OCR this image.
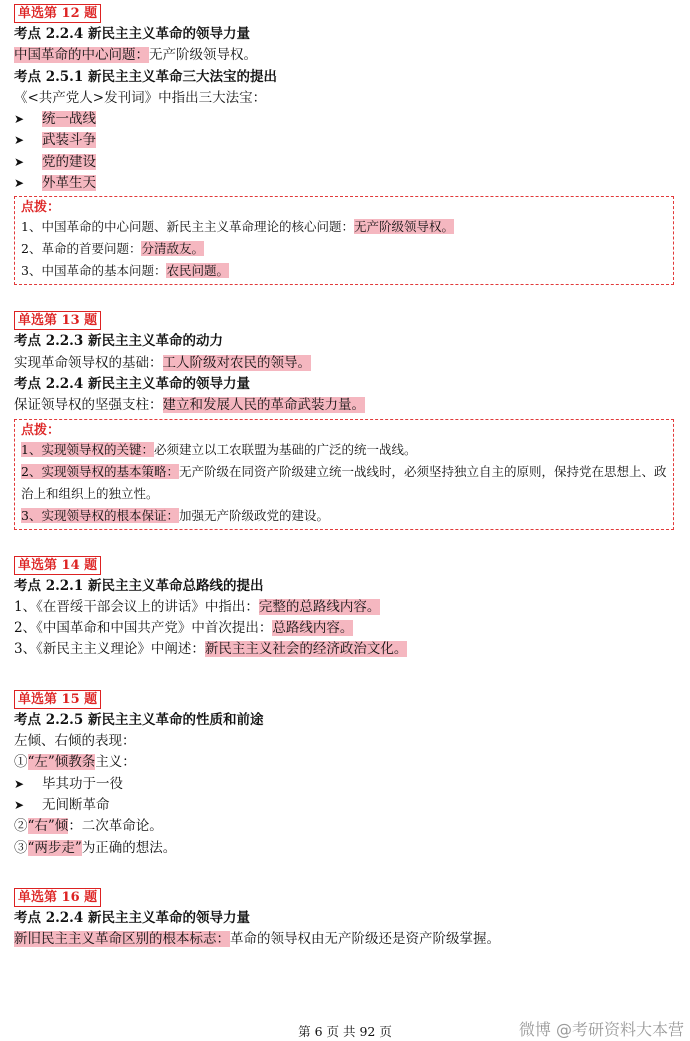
单选第 12 题
考点 2.2.4 新民主主义革命的领导力量
中国革命的中心问题：无产阶级领导权。
考点 2.5.1 新民主主义革命三大法宝的提出
《<共产党人>发刊词》中指出三大法宝：
➤ 统一战线
➤ 武装斗争
➤ 党的建设
➤ 外革生天
点拨：
1、中国革命的中心问题、新民主主义革命理论的核心问题：无产阶级领导权。
2、革命的首要问题：分清敌友。
3、中国革命的基本问题：农民问题。
单选第 13 题
考点 2.2.3 新民主主义革命的动力
实现革命领导权的基础：工人阶级对农民的领导。
考点 2.2.4 新民主主义革命的领导力量
保证领导权的坚强支柱：建立和发展人民的革命武装力量。
点拨：
1、实现领导权的关键：必须建立以工农联盟为基础的广泛的统一战线。
2、实现领导权的基本策略：无产阶级在同资产阶级建立统一战线时，必须坚持独立自主的原则，保持党在思想上、政治上和组织上的独立性。
3、实现领导权的根本保证：加强无产阶级政党的建设。
单选第 14 题
考点 2.2.1 新民主主义革命总路线的提出
1、《在晋绥干部会议上的讲话》中指出：完整的总路线内容。
2、《中国革命和中国共产党》中首次提出：总路线内容。
3、《新民主主义理论》中阐述：新民主主义社会的经济政治文化。
单选第 15 题
考点 2.2.5 新民主主义革命的性质和前途
左倾、右倾的表现：
①“左”倾教条主义：
➤ 毕其功于一役
➤ 无间断革命
②“右”倾：二次革命论。
③“两步走”为正确的想法。
单选第 16 题
考点 2.2.4 新民主主义革命的领导力量
新旧民主主义革命区别的根本标志：革命的领导权由无产阶级还是资产阶级掌握。
第 6 页 共 92 页	微博 @考研资料大本营
